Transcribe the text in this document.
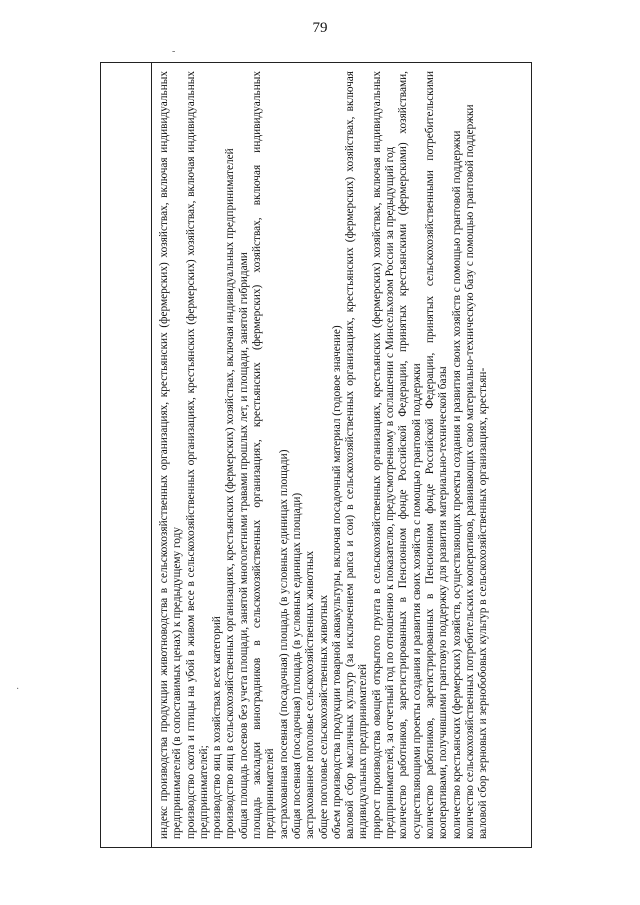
79
-
·	индекс производства продукции животноводства в сельскохозяйственных организациях, крестьянских (фермерских) хозяйствах, включая индивидуальных предпринимателей (в сопоставимых ценах) к предыдущему году производство скота и птицы на убой в живом весе в сельскохозяйственных организациях, крестьянских (фермерских) хозяйствах, включая индивидуальных предпринимателей; производство яиц в хозяйствах всех категорий производство яиц в сельскохозяйственных организациях, крестьянских (фермерских) хозяйствах, включая индивидуальных предпринимателей общая площадь посевов без учета площади, занятой многолетними травами прошлых лет, и площади, занятой гибридами площадь закладки виноградников в сельскохозяйственных организациях, крестьянских (фермерских) хозяйствах, включая индивидуальных предпринимателей застрахованная посевная (посадочная) площадь (в условных единицах площади) общая посевная (посадочная) площадь (в условных единицах площади) застрахованное поголовье сельскохозяйственных животных общее поголовье сельскохозяйственных животных объем производства продукции товарной аквакультуры, включая посадочный материал (годовое значение) валовой сбор масличных культур (за исключением рапса и сои) в сельскохозяйственных организациях, крестьянских (фермерских) хозяйствах, включая индивидуальных предпринимателей прирост производства овощей открытого грунта в сельскохозяйственных организациях, крестьянских (фермерских) хозяйствах, включая индивидуальных предпринимателей, за отчетный год по отношению к показателю, предусмотренному в соглашении с Минсельхозом России за предыдущий год количество работников, зарегистрированных в Пенсионном фонде Российской Федерации, принятых крестьянскими (фермерскими) хозяйствами, осуществляющими проекты создания и развития своих хозяйств с помощью грантовой поддержки количество работников, зарегистрированных в Пенсионном фонде Российской Федерации, принятых сельскохозяйственными потребительскими кооперативами, получившими грантовую поддержку для развития материально-технической базы количество крестьянских (фермерских) хозяйств, осуществляющих проекты создания и развития своих хозяйств с помощью грантовой поддержки количество сельскохозяйственных потребительских кооперативов, развивающих свою материально-техническую базу с помощью грантовой поддержки валовой сбор зерновых и зернобобовых культур в сельскохозяйственных организациях, крестьян-
